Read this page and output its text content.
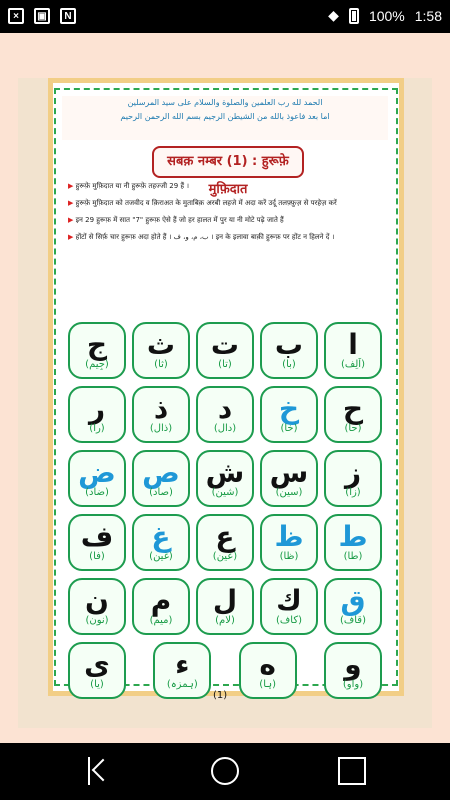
×	▣	N	◆ 100% 1:58
الحمد لله رب العلمين والصلوة والسلام على سيد المرسلين
اما بعد فاعوذ بالله من الشيطن الرجيم بسم الله الرحمن الرحيم
सबक़ नम्बर (1) : हुरूफ़े मुफ़िदात

▶ हुरूफ़े मुफ़िदात या नी हुरूफ़े तहज्जी 29 हैं ।

▶ हुरूफ़े मुफ़िदात को तजवीद व क़िराअत के मुताबिक़ अरबी लहजे में अदा करें उर्दू तलफ़्फ़ुज़ से परहेज़ करें

▶ इन 29 हुरूफ़ में सात "7" हुरूफ़ ऐसे हैं जो हर हालत में पुर या नी मोटे पढ़े जाते हैं

▶ होंटों से सिर्फ़ चार हुरूफ़ अदा होते हैं । ب، م، و، ف । इन के इलावा बाक़ी हुरूफ़ पर होंट न हिलने दें ।

ج
(جِيم)
ث
(ثا)
ت
(تا)
ب
(با)
ا
(اَلِف)
ر
(را)
ذ
(ذال)
د
(دال)
خ
(خا)
ح
(حا)
ض
(ضاد)
ص
(صاد)
ش
(شین)
س
(سین)
ز
(زا)
ف
(فا)
غ
(غین)
ع
(عین)
ظ
(ظا)
ط
(طا)
ن
(نون)
م
(میم)
ل
(لام)
ك
(كاف)
ق
(قاف)
ى
(یا)
ء
(ہمزہ)
ه
(ہا)
و
(واو)
(1)
